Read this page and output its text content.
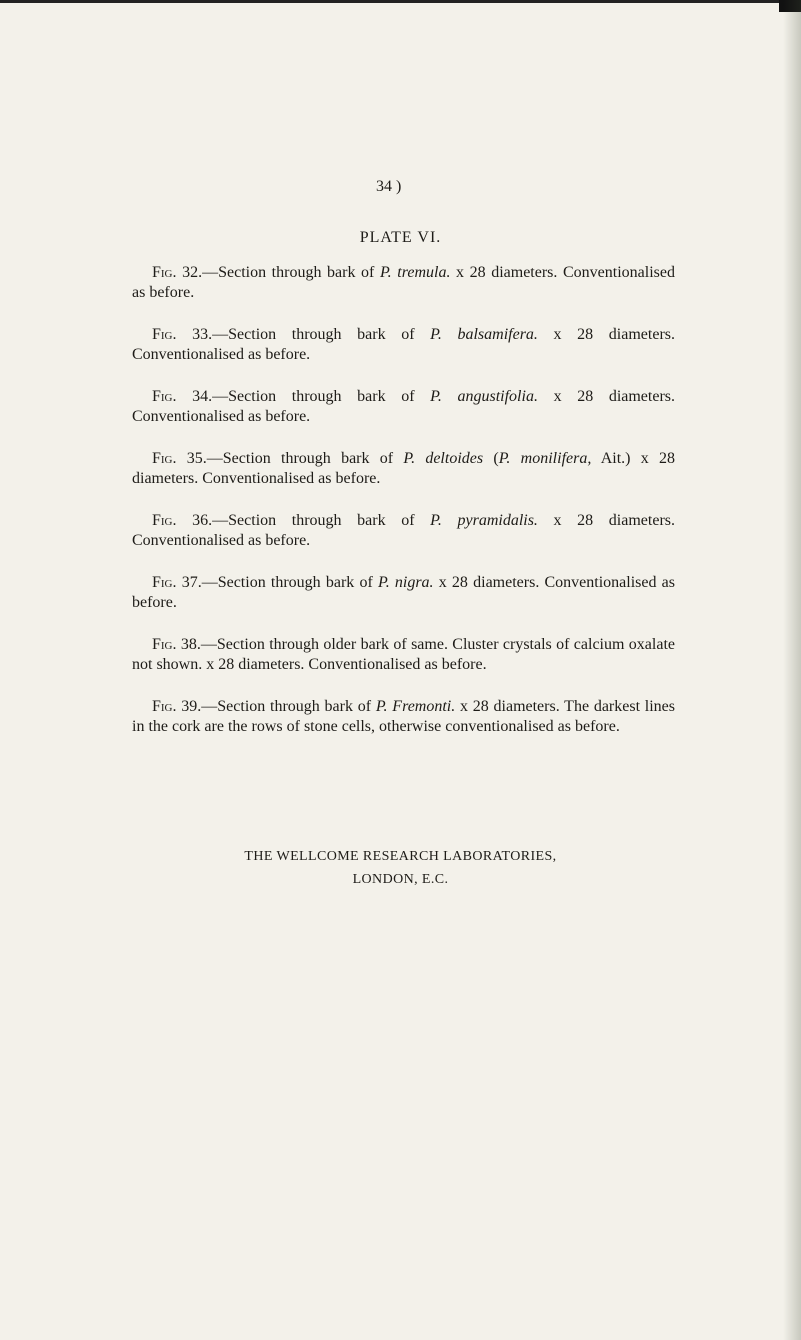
34 )
PLATE VI.

Fig. 32.—Section through bark of P. tremula. x 28 diameters. Conventionalised as before.

Fig. 33.—Section through bark of P. balsamifera. x 28 diameters. Conventionalised as before.

Fig. 34.—Section through bark of P. angustifolia. x 28 diameters. Conventionalised as before.

Fig. 35.—Section through bark of P. deltoides (P. monilifera, Ait.) x 28 diameters. Conventionalised as before.

Fig. 36.—Section through bark of P. pyramidalis. x 28 diameters. Conventionalised as before.

Fig. 37.—Section through bark of P. nigra. x 28 diameters. Conventionalised as before.

Fig. 38.—Section through older bark of same. Cluster crystals of calcium oxalate not shown. x 28 diameters. Conventionalised as before.

Fig. 39.—Section through bark of P. Fremonti. x 28 diameters. The darkest lines in the cork are the rows of stone cells, otherwise conventionalised as before.

THE WELLCOME RESEARCH LABORATORIES,
LONDON, E.C.
